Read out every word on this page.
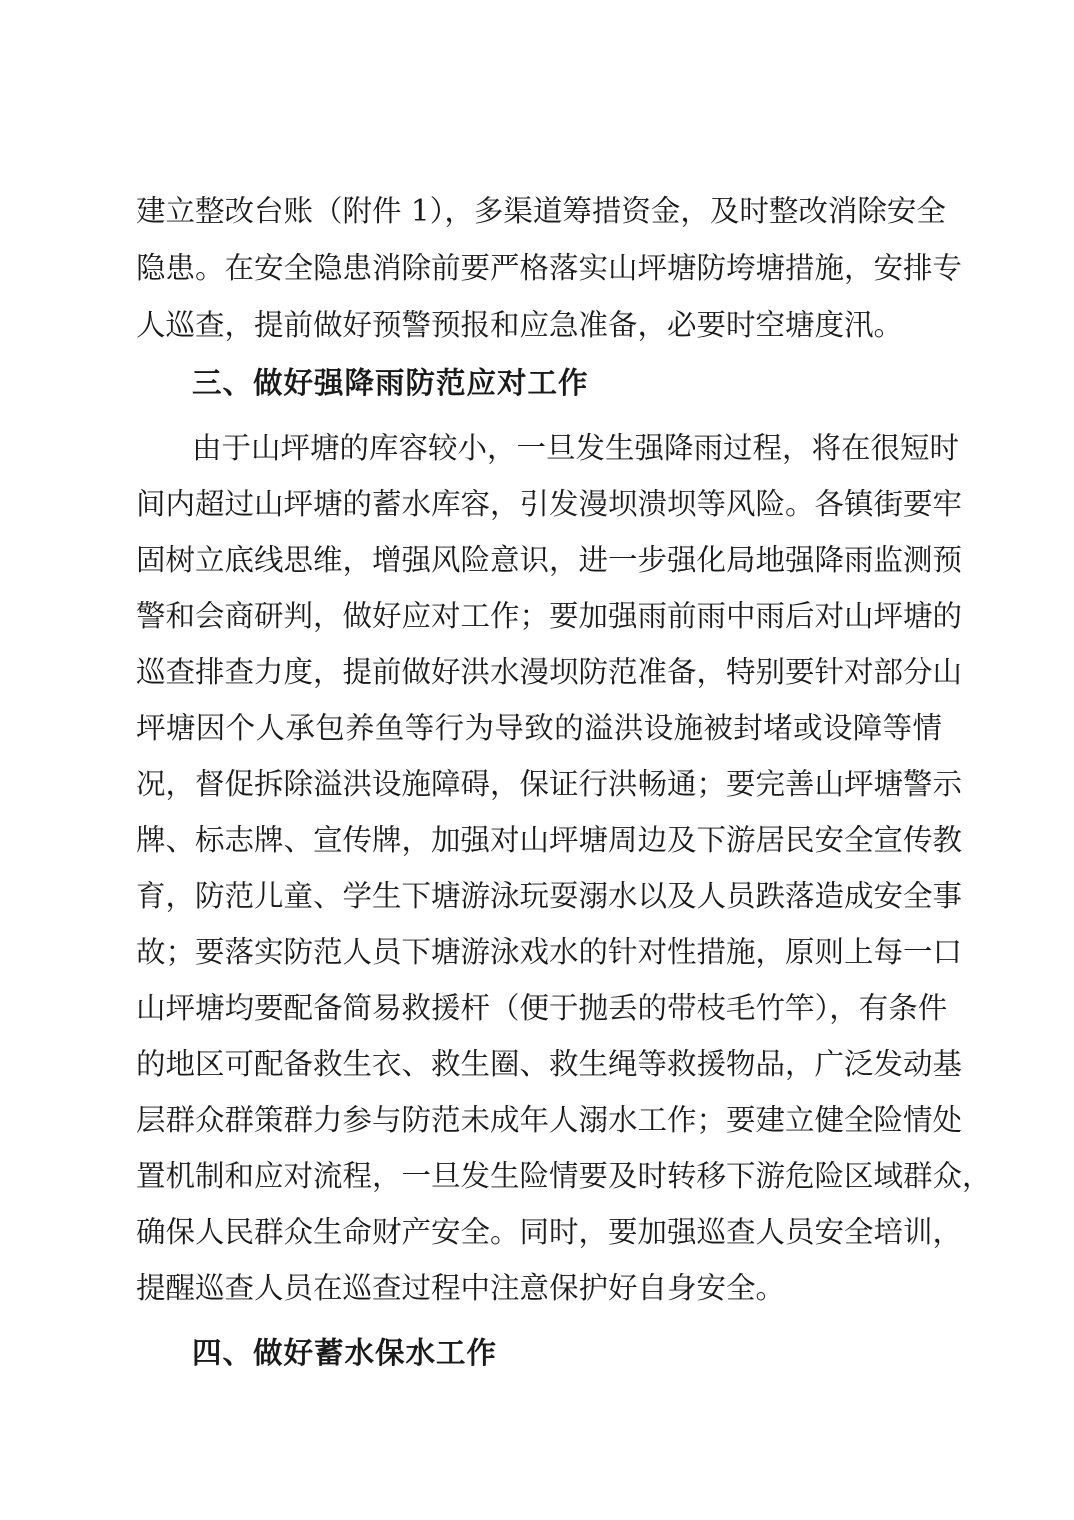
建立整改台账（附件 1），多渠道筹措资金，及时整改消除安全
隐患。在安全隐患消除前要严格落实山坪塘防垮塘措施，安排专
人巡查，提前做好预警预报和应急准备，必要时空塘度汛。
三、做好强降雨防范应对工作
由于山坪塘的库容较小，一旦发生强降雨过程，将在很短时
间内超过山坪塘的蓄水库容，引发漫坝溃坝等风险。各镇街要牢
固树立底线思维，增强风险意识，进一步强化局地强降雨监测预
警和会商研判，做好应对工作；要加强雨前雨中雨后对山坪塘的
巡查排查力度，提前做好洪水漫坝防范准备，特别要针对部分山
坪塘因个人承包养鱼等行为导致的溢洪设施被封堵或设障等情
况，督促拆除溢洪设施障碍，保证行洪畅通；要完善山坪塘警示
牌、标志牌、宣传牌，加强对山坪塘周边及下游居民安全宣传教
育，防范儿童、学生下塘游泳玩耍溺水以及人员跌落造成安全事
故；要落实防范人员下塘游泳戏水的针对性措施，原则上每一口
山坪塘均要配备简易救援杆（便于抛丢的带枝毛竹竿），有条件
的地区可配备救生衣、救生圈、救生绳等救援物品，广泛发动基
层群众群策群力参与防范未成年人溺水工作；要建立健全险情处
置机制和应对流程，一旦发生险情要及时转移下游危险区域群众，
确保人民群众生命财产安全。同时，要加强巡查人员安全培训，
提醒巡查人员在巡查过程中注意保护好自身安全。
四、做好蓄水保水工作
